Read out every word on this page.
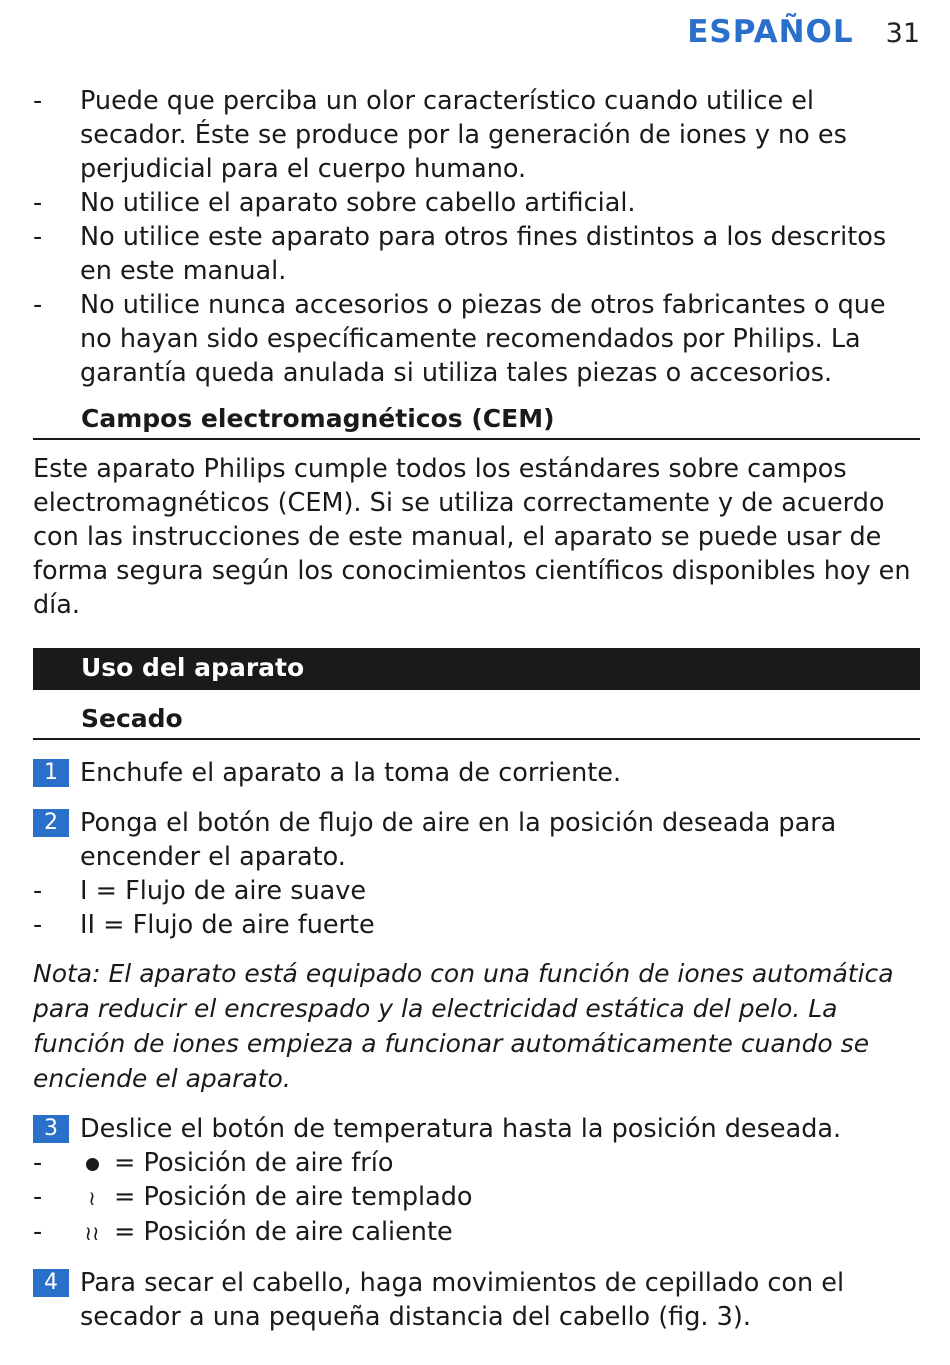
ESPAÑOL 31
-	Puede que perciba un olor característico cuando utilice el secador. Éste se produce por la generación de iones y no es perjudicial para el cuerpo humano.
-	No utilice el aparato sobre cabello artificial.
-	No utilice este aparato para otros fines distintos a los descritos en este manual.
-	No utilice nunca accesorios o piezas de otros fabricantes o que no hayan sido específicamente recomendados por Philips. La garantía queda anulada si utiliza tales piezas o accesorios.
Campos electromagnéticos (CEM)
Este aparato Philips cumple todos los estándares sobre campos electromagnéticos (CEM). Si se utiliza correctamente y de acuerdo con las instrucciones de este manual, el aparato se puede usar de forma segura según los conocimientos científicos disponibles hoy en día.
Uso del aparato
Secado
1 Enchufe el aparato a la toma de corriente.
2 Ponga el botón de flujo de aire en la posición deseada para encender el aparato.
-	I = Flujo de aire suave
-	II = Flujo de aire fuerte
Nota: El aparato está equipado con una función de iones automática para reducir el encrespado y la electricidad estática del pelo. La función de iones empieza a funcionar automáticamente cuando se enciende el aparato.
3 Deslice el botón de temperatura hasta la posición deseada.
-	= Posición de aire frío
-	≀ = Posición de aire templado
-	≀≀ = Posición de aire caliente
4 Para secar el cabello, haga movimientos de cepillado con el secador a una pequeña distancia del cabello (fig. 3).
